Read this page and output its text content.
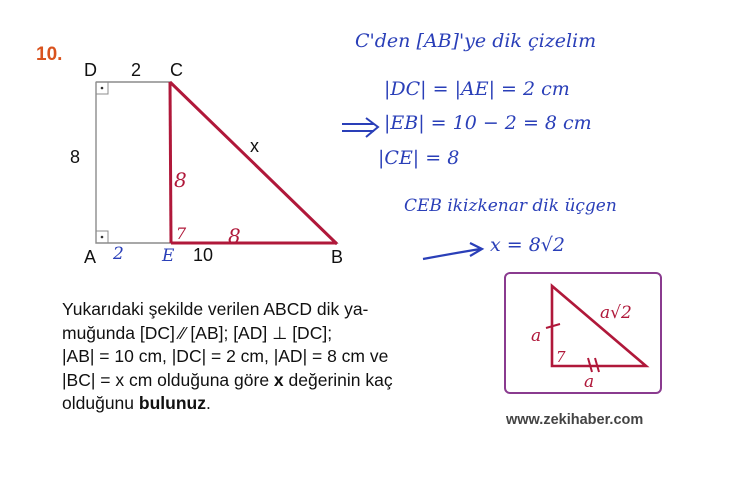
10.
D 2 C
8
x
A	10	B
2 E
8
8
7
C'den [AB]'ye dik çizelim
|DC| = |AE| = 2 cm
|EB| = 10 − 2 = 8 cm
|CE| = 8
CEB ikizkenar dik üçgen
x = 8√2
Yukarıdaki şekilde verilen ABCD dik ya-
muğunda [DC] ∕∕ [AB]; [AD] ⊥ [DC];
|AB| = 10 cm, |DC| = 2 cm, |AD| = 8 cm ve
|BC| = x cm olduğuna göre x değerinin kaç
olduğunu bulunuz.
a√2
a
a
7
www.zekihaber.com
